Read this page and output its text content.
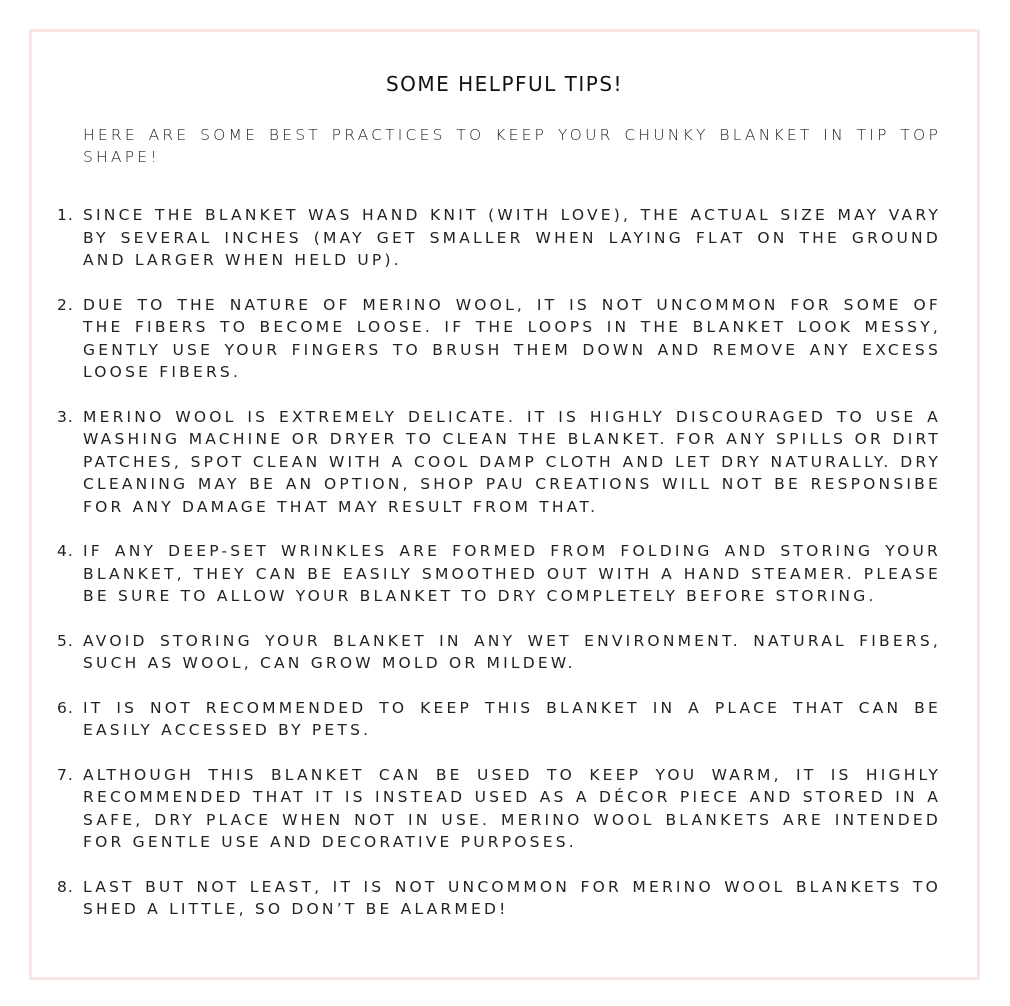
SOME HELPFUL TIPS!
HERE ARE SOME BEST PRACTICES TO KEEP YOUR CHUNKY BLANKET IN TIP TOP SHAPE!
1. SINCE THE BLANKET WAS HAND KNIT (WITH LOVE), THE ACTUAL SIZE MAY VARY BY SEVERAL INCHES (MAY GET SMALLER WHEN LAYING FLAT ON THE GROUND AND LARGER WHEN HELD UP).
2. DUE TO THE NATURE OF MERINO WOOL, IT IS NOT UNCOMMON FOR SOME OF THE FIBERS TO BECOME LOOSE. IF THE LOOPS IN THE BLANKET LOOK MESSY, GENTLY USE YOUR FINGERS TO BRUSH THEM DOWN AND REMOVE ANY EXCESS LOOSE FIBERS.
3. MERINO WOOL IS EXTREMELY DELICATE. IT IS HIGHLY DISCOURAGED TO USE A WASHING MACHINE OR DRYER TO CLEAN THE BLANKET. FOR ANY SPILLS OR DIRT PATCHES, SPOT CLEAN WITH A COOL DAMP CLOTH AND LET DRY NATURALLY. DRY CLEANING MAY BE AN OPTION, SHOP PAU CREATIONS WILL NOT BE RESPONSIBE FOR ANY DAMAGE THAT MAY RESULT FROM THAT.
4. IF ANY DEEP-SET WRINKLES ARE FORMED FROM FOLDING AND STORING YOUR BLANKET, THEY CAN BE EASILY SMOOTHED OUT WITH A HAND STEAMER. PLEASE BE SURE TO ALLOW YOUR BLANKET TO DRY COMPLETELY BEFORE STORING.
5. AVOID STORING YOUR BLANKET IN ANY WET ENVIRONMENT. NATURAL FIBERS, SUCH AS WOOL, CAN GROW MOLD OR MILDEW.
6. IT IS NOT RECOMMENDED TO KEEP THIS BLANKET IN A PLACE THAT CAN BE EASILY ACCESSED BY PETS.
7. ALTHOUGH THIS BLANKET CAN BE USED TO KEEP YOU WARM, IT IS HIGHLY RECOMMENDED THAT IT IS INSTEAD USED AS A DÉCOR PIECE AND STORED IN A SAFE, DRY PLACE WHEN NOT IN USE. MERINO WOOL BLANKETS ARE INTENDED FOR GENTLE USE AND DECORATIVE PURPOSES.
8. LAST BUT NOT LEAST, IT IS NOT UNCOMMON FOR MERINO WOOL BLANKETS TO SHED A LITTLE, SO DON’T BE ALARMED!
